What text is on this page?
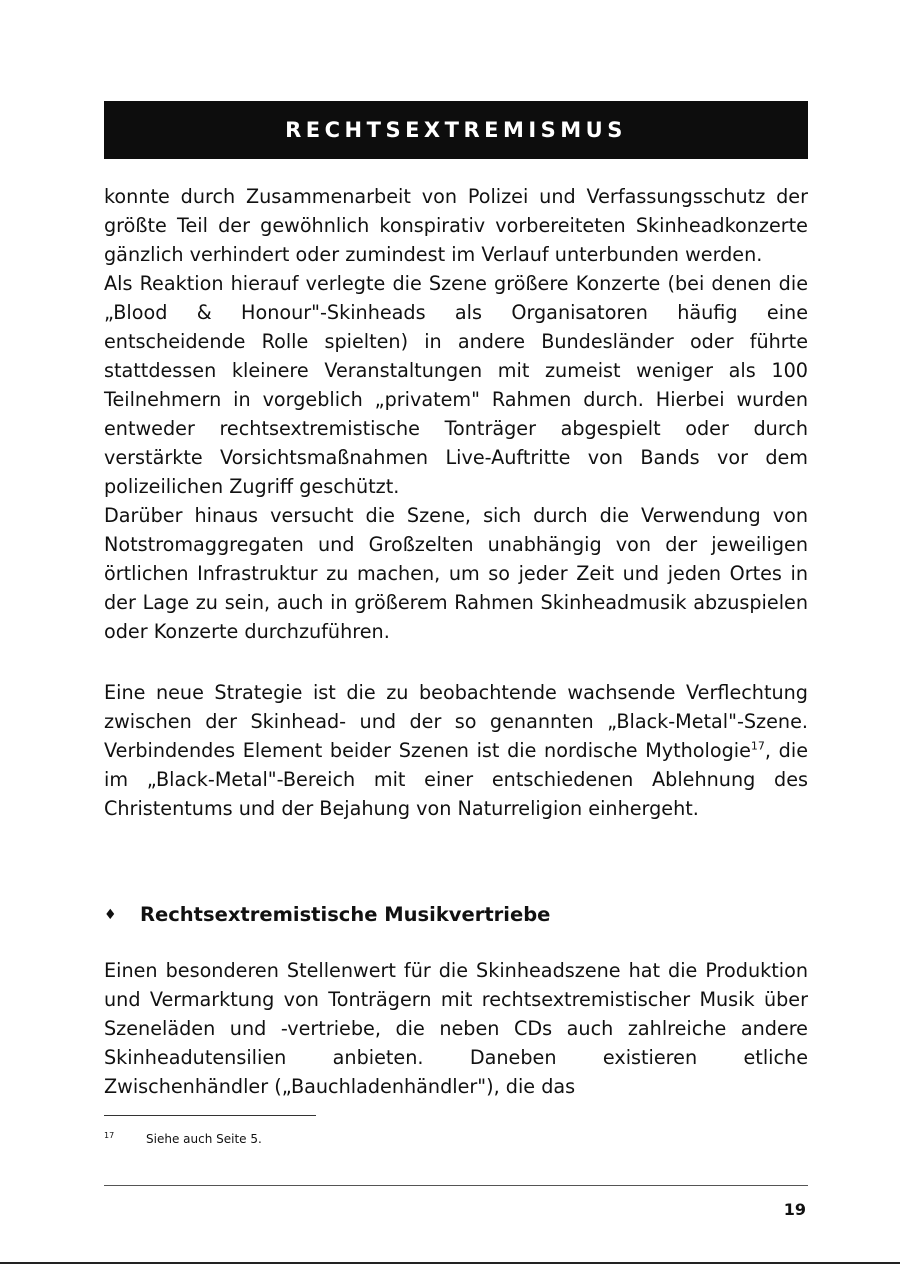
RECHTSEXTREMISMUS

konnte durch Zusammenarbeit von Polizei und Verfassungsschutz der größte Teil der gewöhnlich konspirativ vorbereiteten Skinheadkonzerte gänzlich verhindert oder zumindest im Verlauf unterbunden werden.

Als Reaktion hierauf verlegte die Szene größere Konzerte (bei denen die „Blood & Honour"-Skinheads als Organisatoren häufig eine entscheidende Rolle spielten) in andere Bundesländer oder führte stattdessen kleinere Veranstaltungen mit zumeist weniger als 100 Teilnehmern in vorgeblich „privatem" Rahmen durch. Hierbei wurden entweder rechtsextremistische Tonträger abgespielt oder durch verstärkte Vorsichtsmaßnahmen Live-Auftritte von Bands vor dem polizeilichen Zugriff geschützt.

Darüber hinaus versucht die Szene, sich durch die Verwendung von Notstromaggregaten und Großzelten unabhängig von der jeweiligen örtlichen Infrastruktur zu machen, um so jeder Zeit und jeden Ortes in der Lage zu sein, auch in größerem Rahmen Skinheadmusik abzuspielen oder Konzerte durchzuführen.

Eine neue Strategie ist die zu beobachtende wachsende Verflechtung zwischen der Skinhead- und der so genannten „Black-Metal"-Szene. Verbindendes Element beider Szenen ist die nordische Mythologie$^{17}$, die im „Black-Metal"-Bereich mit einer entschiedenen Ablehnung des Christentums und der Bejahung von Naturreligion einhergeht.

♦ Rechtsextremistische Musikvertriebe

Einen besonderen Stellenwert für die Skinheadszene hat die Produktion und Vermarktung von Tonträgern mit rechtsextremistischer Musik über Szeneläden und -vertriebe, die neben CDs auch zahlreiche andere Skinheadutensilien anbieten. Daneben existieren etliche Zwischenhändler („Bauchladenhändler"), die das

17	Siehe auch Seite 5.
19
